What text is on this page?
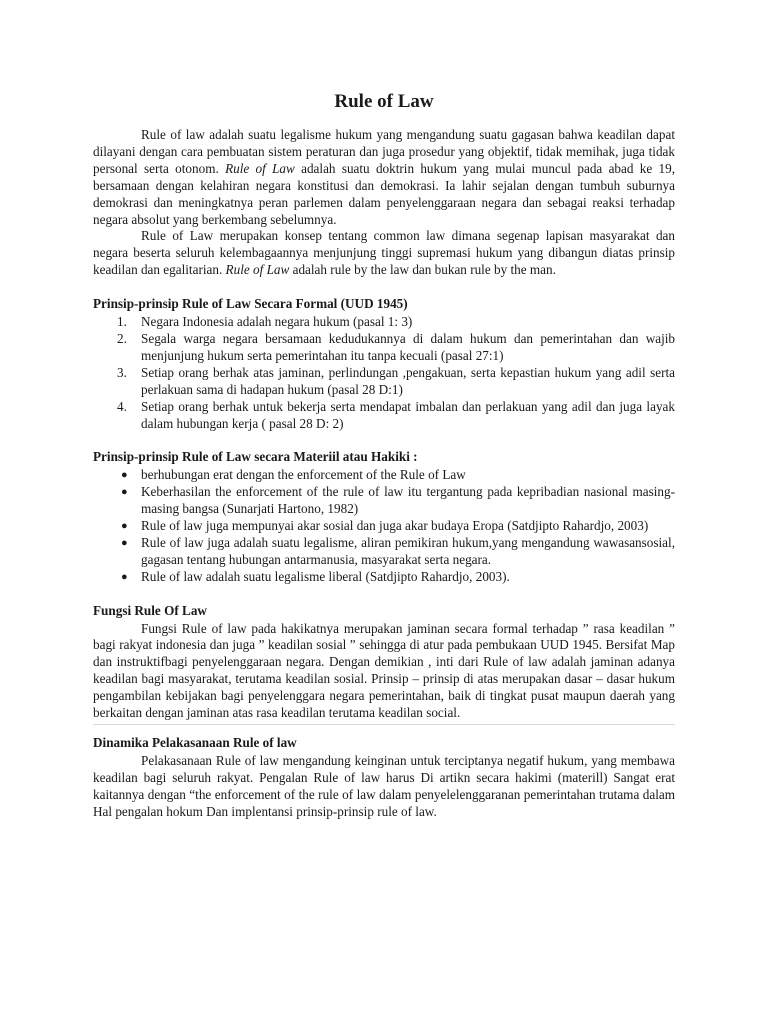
Rule of Law

Rule of law adalah suatu legalisme hukum yang mengandung suatu gagasan bahwa keadilan dapat dilayani dengan cara pembuatan sistem peraturan dan juga prosedur yang objektif, tidak memihak, juga tidak personal serta otonom. Rule of Law adalah suatu doktrin hukum yang mulai muncul pada abad ke 19, bersamaan dengan kelahiran negara konstitusi dan demokrasi. Ia lahir sejalan dengan tumbuh suburnya demokrasi dan meningkatnya peran parlemen dalam penyelenggaraan negara dan sebagai reaksi terhadap negara absolut yang berkembang sebelumnya.

Rule of Law merupakan konsep tentang common law dimana segenap lapisan masyarakat dan negara beserta seluruh kelembagaannya menjunjung tinggi supremasi hukum yang dibangun diatas prinsip keadilan dan egalitarian. Rule of Law adalah rule by the law dan bukan rule by the man.

Prinsip-prinsip Rule of Law Secara Formal (UUD 1945)
1.	Negara Indonesia adalah negara hukum (pasal 1: 3)
2.	Segala warga negara bersamaan kedudukannya di dalam hukum dan pemerintahan dan wajib menjunjung hukum serta pemerintahan itu tanpa kecuali (pasal 27:1)
3.	Setiap orang berhak atas jaminan, perlindungan ,pengakuan, serta kepastian hukum yang adil serta perlakuan sama di hadapan hukum (pasal 28 D:1)
4.	Setiap orang berhak untuk bekerja serta mendapat imbalan dan perlakuan yang adil dan juga layak dalam hubungan kerja ( pasal 28 D: 2)
Prinsip-prinsip Rule of Law secara Materiil atau Hakiki :
●	berhubungan erat dengan the enforcement of the Rule of Law
●	Keberhasilan the enforcement of the rule of law itu tergantung pada kepribadian nasional masing-masing bangsa (Sunarjati Hartono, 1982)
●	Rule of law juga mempunyai akar sosial dan juga akar budaya Eropa (Satdjipto Rahardjo, 2003)
●	Rule of law juga adalah suatu legalisme, aliran pemikiran hukum,yang mengandung wawasansosial, gagasan tentang hubungan antarmanusia, masyarakat serta negara.
●	Rule of law adalah suatu legalisme liberal (Satdjipto Rahardjo, 2003).
Fungsi Rule Of Law

Fungsi Rule of law pada hakikatnya merupakan jaminan secara formal terhadap ” rasa keadilan ” bagi rakyat indonesia dan juga ” keadilan sosial ” sehingga di atur pada pembukaan UUD 1945. Bersifat Map dan instruktifbagi penyelenggaraan negara. Dengan demikian , inti dari Rule of law adalah jaminan adanya keadilan bagi masyarakat, terutama keadilan sosial. Prinsip – prinsip di atas merupakan dasar – dasar hukum pengambilan kebijakan bagi penyelenggara negara pemerintahan, baik di tingkat pusat maupun daerah yang berkaitan dengan jaminan atas rasa keadilan terutama keadilan social.

Dinamika Pelakasanaan Rule of law

Pelakasanaan Rule of law mengandung keinginan untuk terciptanya negatif hukum, yang membawa keadilan bagi seluruh rakyat. Pengalan Rule of law harus Di artikn secara hakimi (materill) Sangat erat kaitannya dengan “the enforcement of the rule of law dalam penyelelenggaranan pemerintahan trutama dalam Hal pengalan hokum Dan implentansi prinsip-prinsip rule of law.
